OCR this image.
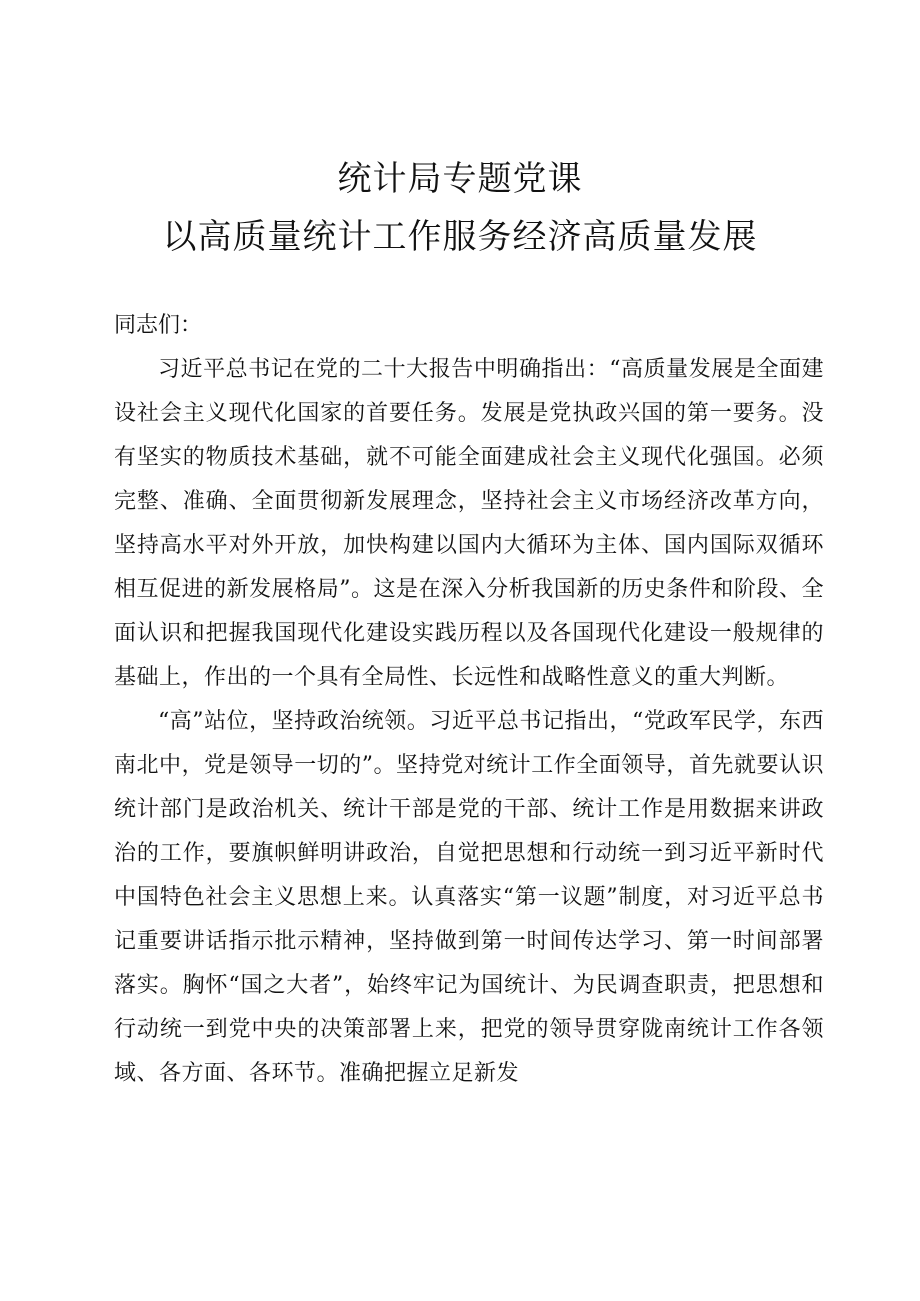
统计局专题党课
以高质量统计工作服务经济高质量发展

同志们：

习近平总书记在党的二十大报告中明确指出：“高质量发展是全面建设社会主义现代化国家的首要任务。发展是党执政兴国的第一要务。没有坚实的物质技术基础，就不可能全面建成社会主义现代化强国。必须完整、准确、全面贯彻新发展理念，坚持社会主义市场经济改革方向，坚持高水平对外开放，加快构建以国内大循环为主体、国内国际双循环相互促进的新发展格局”。这是在深入分析我国新的历史条件和阶段、全面认识和把握我国现代化建设实践历程以及各国现代化建设一般规律的基础上，作出的一个具有全局性、长远性和战略性意义的重大判断。

“高”站位，坚持政治统领。习近平总书记指出，“党政军民学，东西南北中，党是领导一切的”。坚持党对统计工作全面领导，首先就要认识统计部门是政治机关、统计干部是党的干部、统计工作是用数据来讲政治的工作，要旗帜鲜明讲政治，自觉把思想和行动统一到习近平新时代中国特色社会主义思想上来。认真落实“第一议题”制度，对习近平总书记重要讲话指示批示精神，坚持做到第一时间传达学习、第一时间部署落实。胸怀“国之大者”，始终牢记为国统计、为民调查职责，把思想和行动统一到党中央的决策部署上来，把党的领导贯穿陇南统计工作各领域、各方面、各环节。准确把握立足新发
